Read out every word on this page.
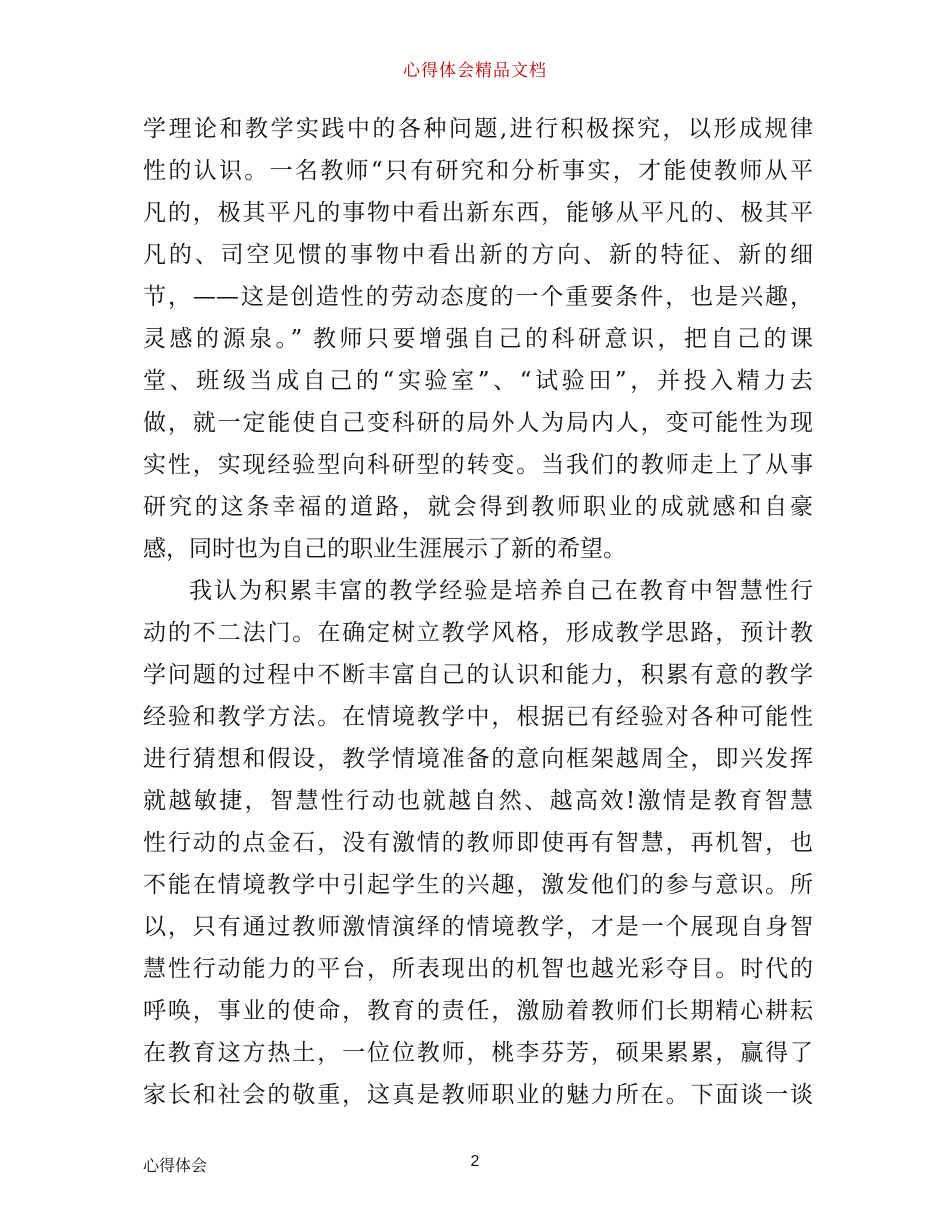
心得体会精品文档
学理论和教学实践中的各种问题,进行积极探究，以形成规律
性的认识。一名教师“只有研究和分析事实，才能使教师从平
凡的，极其平凡的事物中看出新东西，能够从平凡的、极其平
凡的、司空见惯的事物中看出新的方向、新的特征、新的细
节，——这是创造性的劳动态度的一个重要条件，也是兴趣，
灵感的源泉。” 教师只要增强自己的科研意识，把自己的课
堂、班级当成自己的“实验室”、“试验田”，并投入精力去
做，就一定能使自己变科研的局外人为局内人，变可能性为现
实性，实现经验型向科研型的转变。当我们的教师走上了从事
研究的这条幸福的道路，就会得到教师职业的成就感和自豪
感，同时也为自己的职业生涯展示了新的希望。
我认为积累丰富的教学经验是培养自己在教育中智慧性行
动的不二法门。在确定树立教学风格，形成教学思路，预计教
学问题的过程中不断丰富自己的认识和能力，积累有意的教学
经验和教学方法。在情境教学中，根据已有经验对各种可能性
进行猜想和假设，教学情境准备的意向框架越周全，即兴发挥
就越敏捷，智慧性行动也就越自然、越高效!激情是教育智慧
性行动的点金石，没有激情的教师即使再有智慧，再机智，也
不能在情境教学中引起学生的兴趣，激发他们的参与意识。所
以，只有通过教师激情演绎的情境教学，才是一个展现自身智
慧性行动能力的平台，所表现出的机智也越光彩夺目。时代的
呼唤，事业的使命，教育的责任，激励着教师们长期精心耕耘
在教育这方热土，一位位教师，桃李芬芳，硕果累累，赢得了
家长和社会的敬重，这真是教师职业的魅力所在。下面谈一谈
心得体会	2
